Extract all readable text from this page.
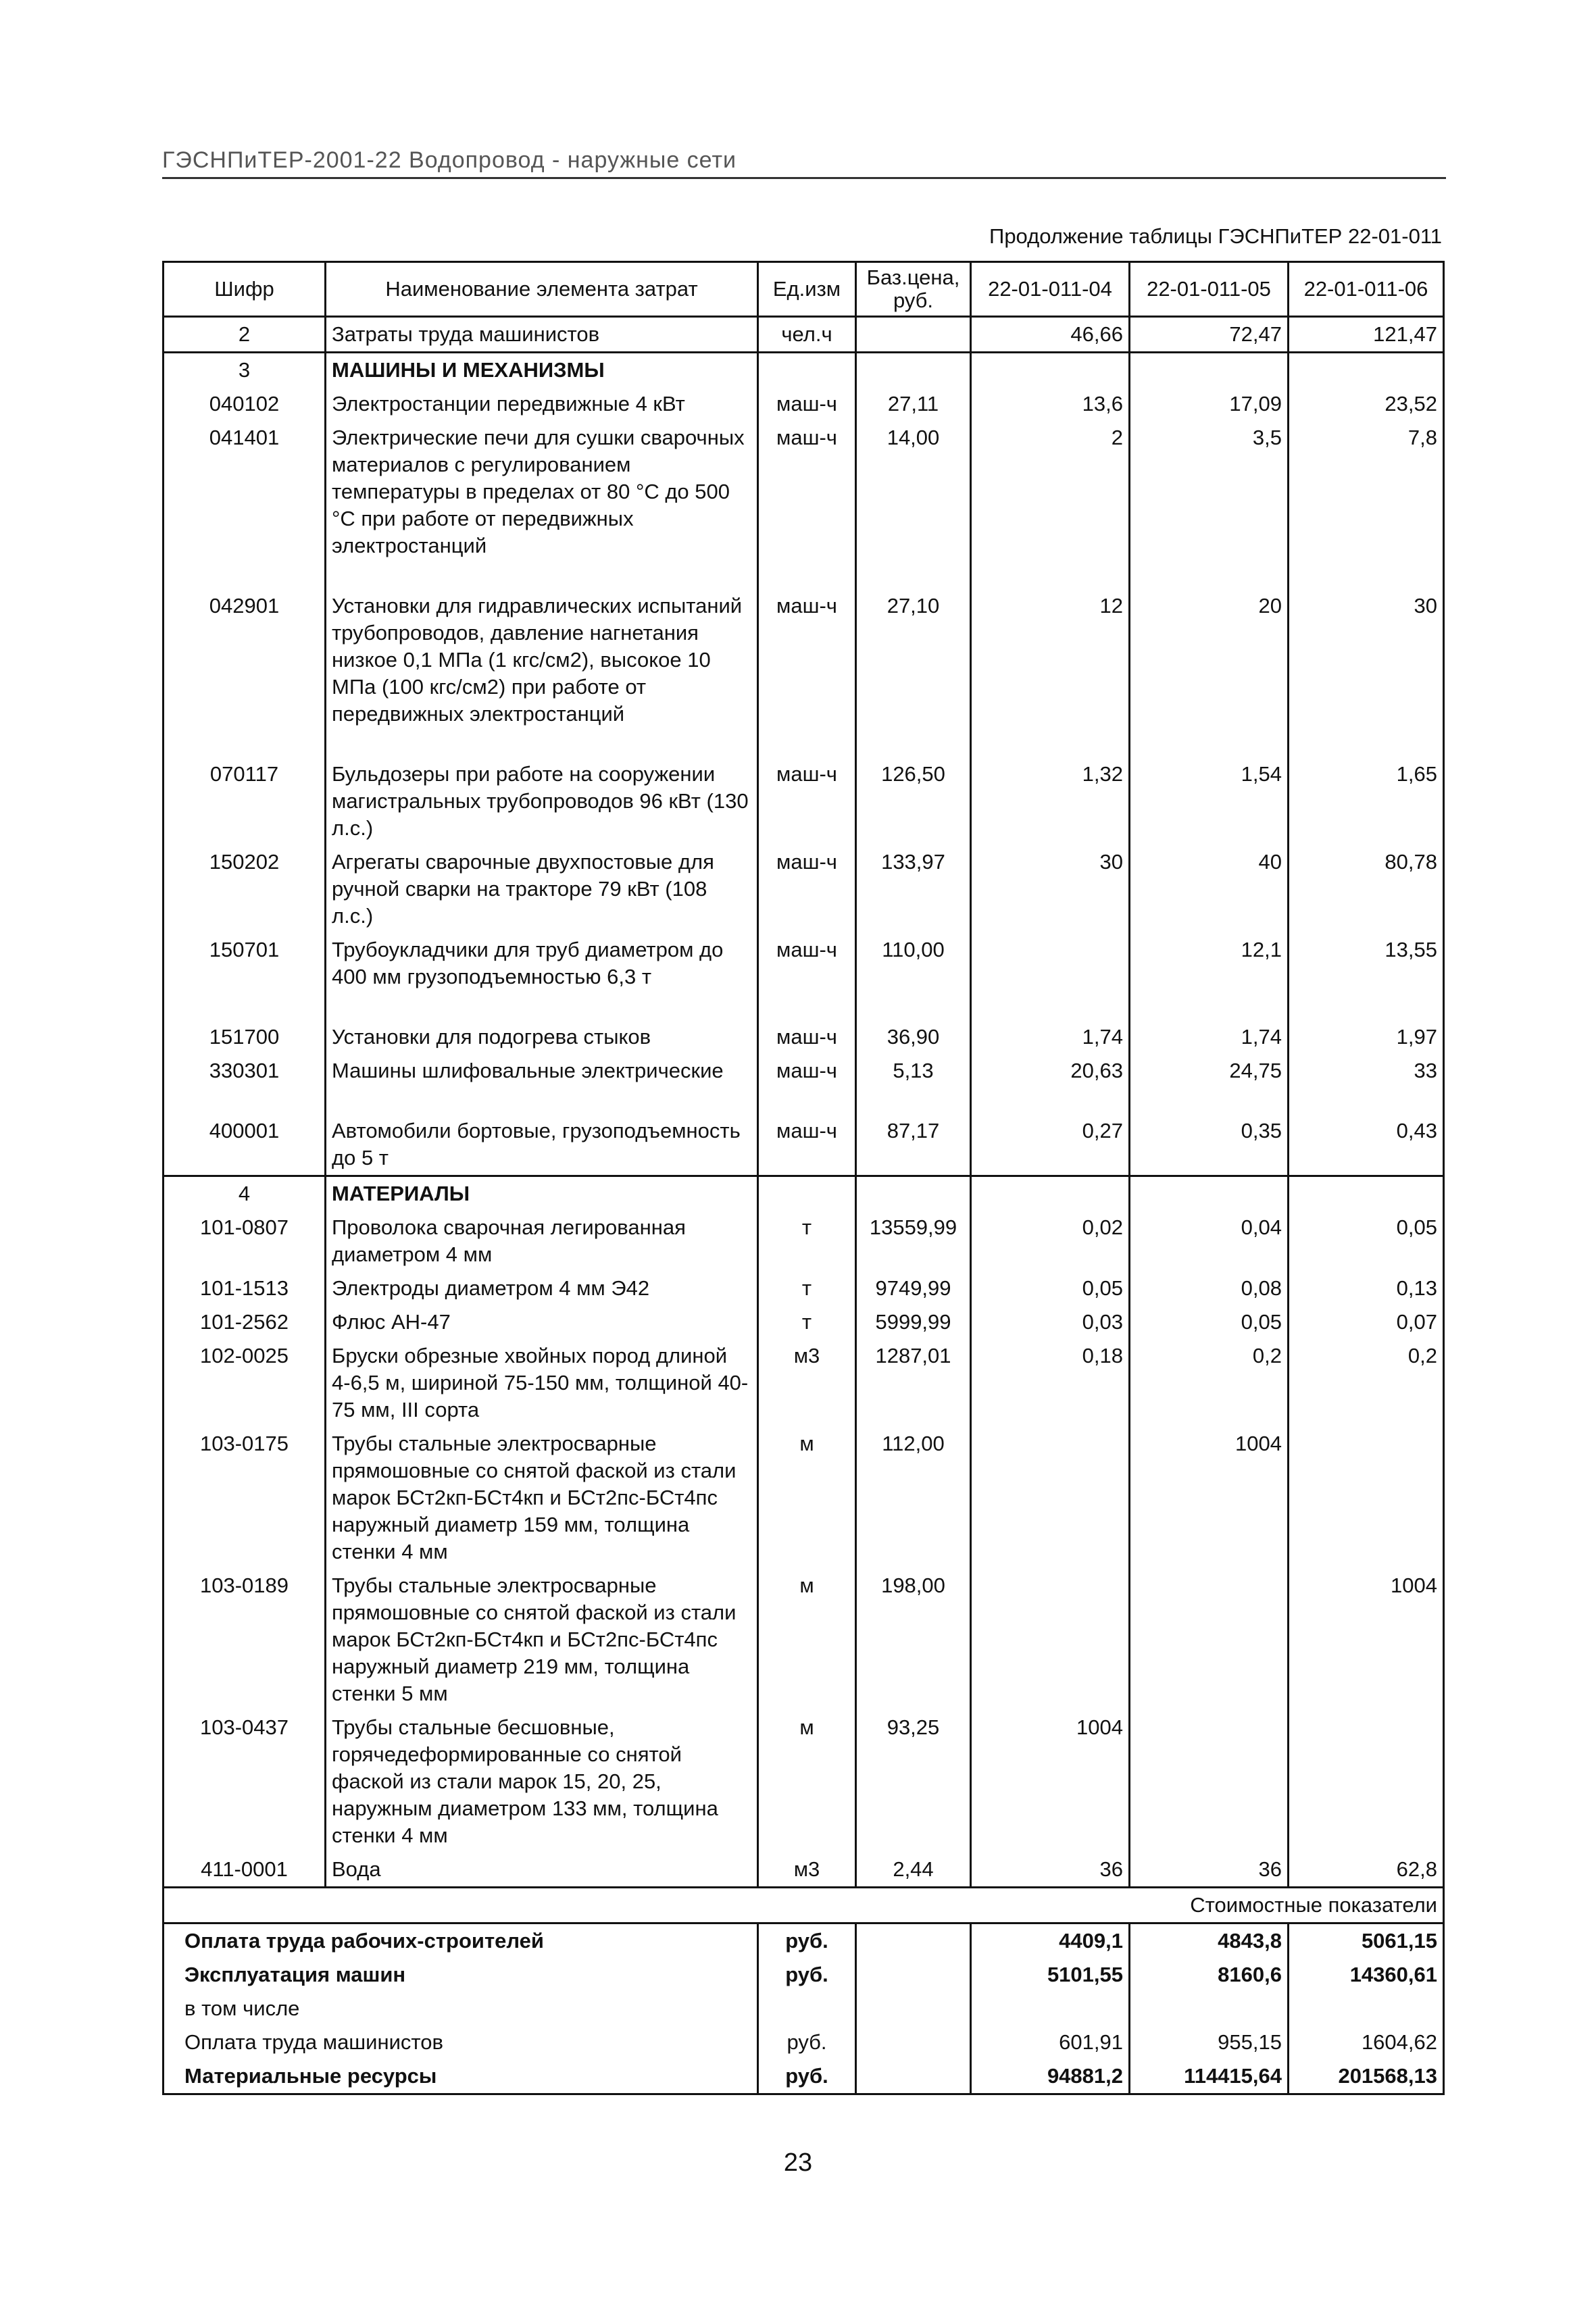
ГЭСНПиТЕР-2001-22 Водопровод - наружные сети
Продолжение таблицы ГЭСНПиТЕР 22-01-011
Шифр	Наименование элемента затрат	Ед.изм	Баз.цена, руб.	22-01-011-04	22-01-011-05	22-01-011-06
2	Затраты труда машинистов	чел.ч		46,66	72,47	121,47
3	МАШИНЫ И МЕХАНИЗМЫ					
040102	Электростанции передвижные 4 кВт	маш-ч	27,11	13,6	17,09	23,52
041401	Электрические печи для сушки сварочных материалов с регулированием температуры в пределах от 80 °С до 500 °С при работе от передвижных электростанций	маш-ч	14,00	2	3,5	7,8
042901	Установки для гидравлических испытаний трубопроводов, давление нагнетания низкое 0,1 МПа (1 кгс/см2), высокое 10 МПа (100 кгс/см2) при работе от передвижных электростанций	маш-ч	27,10	12	20	30
070117	Бульдозеры при работе на сооружении магистральных трубопроводов 96 кВт (130 л.с.)	маш-ч	126,50	1,32	1,54	1,65
150202	Агрегаты сварочные двухпостовые для ручной сварки на тракторе 79 кВт (108 л.с.)	маш-ч	133,97	30	40	80,78
150701	Трубоукладчики для труб диаметром до 400 мм грузоподъемностью 6,3 т	маш-ч	110,00		12,1	13,55
151700	Установки для подогрева стыков	маш-ч	36,90	1,74	1,74	1,97
330301	Машины шлифовальные электрические	маш-ч	5,13	20,63	24,75	33
400001	Автомобили бортовые, грузоподъемность до 5 т	маш-ч	87,17	0,27	0,35	0,43
4	МАТЕРИАЛЫ					
101-0807	Проволока сварочная легированная диаметром 4 мм	т	13559,99	0,02	0,04	0,05
101-1513	Электроды диаметром 4 мм Э42	т	9749,99	0,05	0,08	0,13
101-2562	Флюс АН-47	т	5999,99	0,03	0,05	0,07
102-0025	Бруски обрезные хвойных пород длиной 4-6,5 м, шириной 75-150 мм, толщиной 40-75 мм, III сорта	м3	1287,01	0,18	0,2	0,2
103-0175	Трубы стальные электросварные прямошовные со снятой фаской из стали марок БСт2кп-БСт4кп и БСт2пс-БСт4пс наружный диаметр 159 мм, толщина стенки 4 мм	м	112,00		1004	
103-0189	Трубы стальные электросварные прямошовные со снятой фаской из стали марок БСт2кп-БСт4кп и БСт2пс-БСт4пс наружный диаметр 219 мм, толщина стенки 5 мм	м	198,00			1004
103-0437	Трубы стальные бесшовные, горячедеформированные со снятой фаской из стали марок 15, 20, 25, наружным диаметром 133 мм, толщина стенки 4 мм	м	93,25	1004		
411-0001	Вода	м3	2,44	36	36	62,8
Стоимостные показатели						
Оплата труда рабочих-строителей		руб.		4409,1	4843,8	5061,15
Эксплуатация машин		руб.		5101,55	8160,6	14360,61
в том числе						
Оплата труда машинистов		руб.		601,91	955,15	1604,62
Материальные ресурсы		руб.		94881,2	114415,64	201568,13
23
